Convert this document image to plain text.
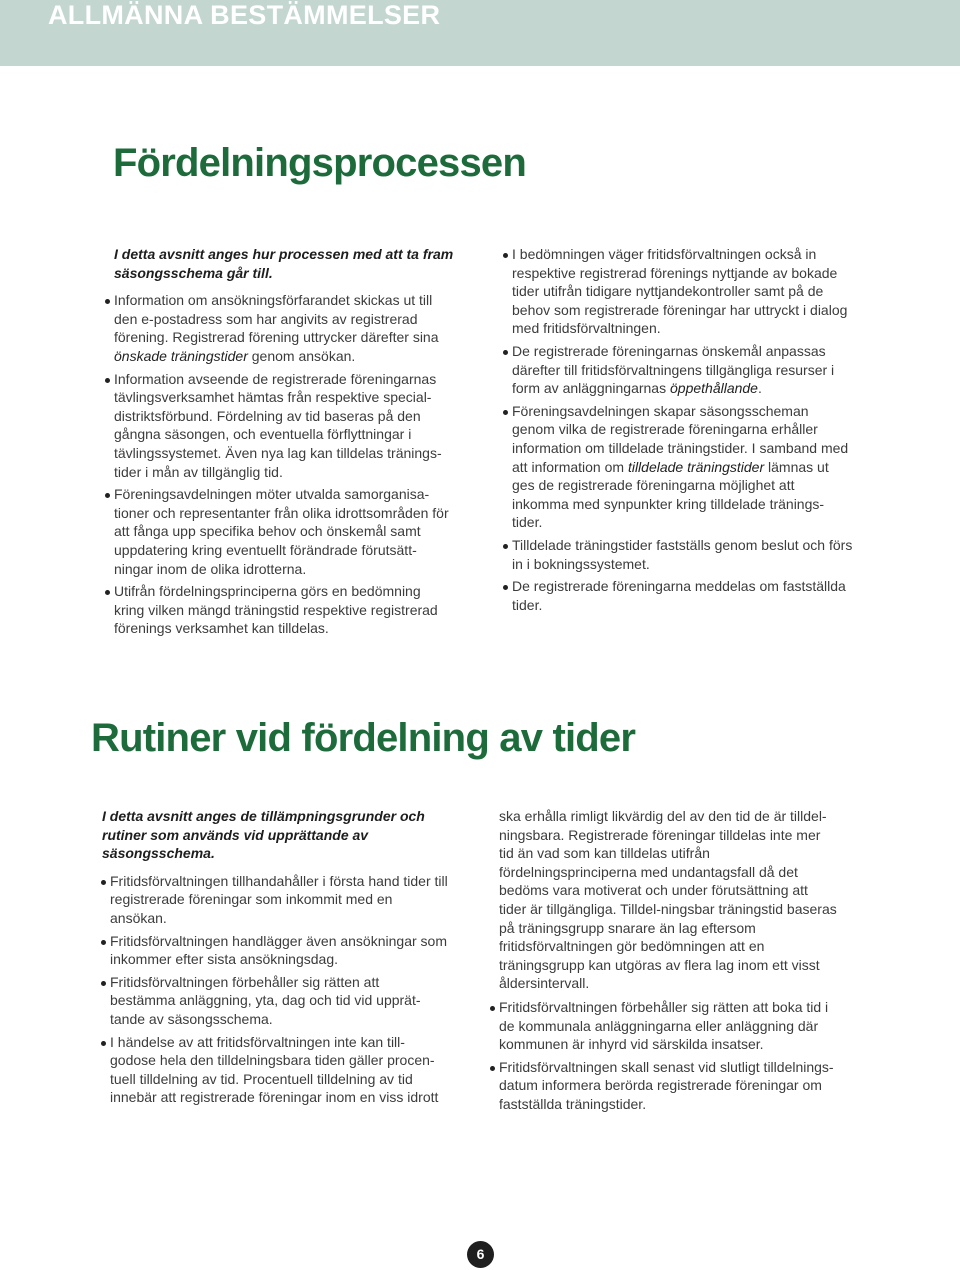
ALLMÄNNA BESTÄMMELSER
Fördelningsprocessen

I detta avsnitt anges hur processen med att ta fram säsongsschema går till.

Information om ansökningsförfarandet skickas ut till den e-postadress som har angivits av registrerad förening. Registrerad förening uttrycker därefter sina önskade träningstider genom ansökan.
Information avseende de registrerade föreningarnas tävlingsverksamhet hämtas från respektive special-distriktsförbund. Fördelning av tid baseras på den gångna säsongen, och eventuella förflyttningar i tävlingssystemet. Även nya lag kan tilldelas tränings-tider i mån av tillgänglig tid.
Föreningsavdelningen möter utvalda samorganisa-tioner och representanter från olika idrottsområden för att fånga upp specifika behov och önskemål samt uppdatering kring eventuellt förändrade förutsätt-ningar inom de olika idrotterna.
Utifrån fördelningsprinciperna görs en bedömning kring vilken mängd träningstid respektive registrerad förenings verksamhet kan tilldelas.
I bedömningen väger fritidsförvaltningen också in respektive registrerad förenings nyttjande av bokade tider utifrån tidigare nyttjandekontroller samt på de behov som registrerade föreningar har uttryckt i dialog med fritidsförvaltningen.
De registrerade föreningarnas önskemål anpassas därefter till fritidsförvaltningens tillgängliga resurser i form av anläggningarnas öppethållande.
Föreningsavdelningen skapar säsongsscheman genom vilka de registrerade föreningarna erhåller information om tilldelade träningstider. I samband med att information om tilldelade träningstider lämnas ut ges de registrerade föreningarna möjlighet att inkomma med synpunkter kring tilldelade tränings-tider.
Tilldelade träningstider fastställs genom beslut och förs in i bokningssystemet.
De registrerade föreningarna meddelas om fastställda tider.
Rutiner vid fördelning av tider

I detta avsnitt anges de tillämpningsgrunder och rutiner som används vid upprättande av säsongsschema.

Fritidsförvaltningen tillhandahåller i första hand tider till registrerade föreningar som inkommit med en ansökan.
Fritidsförvaltningen handlägger även ansökningar som inkommer efter sista ansökningsdag.
Fritidsförvaltningen förbehåller sig rätten att bestämma anläggning, yta, dag och tid vid upprät-tande av säsongsschema.
I händelse av att fritidsförvaltningen inte kan till-godose hela den tilldelningsbara tiden gäller procen-tuell tilldelning av tid. Procentuell tilldelning av tid innebär att registrerade föreningar inom en viss idrott

ska erhålla rimligt likvärdig del av den tid de är tilldel-ningsbara. Registrerade föreningar tilldelas inte mer tid än vad som kan tilldelas utifrån fördelningsprinciperna med undantagsfall då det bedöms vara motiverat och under förutsättning att tider är tillgängliga. Tilldel-ningsbar träningstid baseras på träningsgrupp snarare än lag eftersom fritidsförvaltningen gör bedömningen att en träningsgrupp kan utgöras av flera lag inom ett visst åldersintervall.

Fritidsförvaltningen förbehåller sig rätten att boka tid i de kommunala anläggningarna eller anläggning där kommunen är inhyrd vid särskilda insatser.
Fritidsförvaltningen skall senast vid slutligt tilldelnings-datum informera berörda registrerade föreningar om fastställda träningstider.
6
